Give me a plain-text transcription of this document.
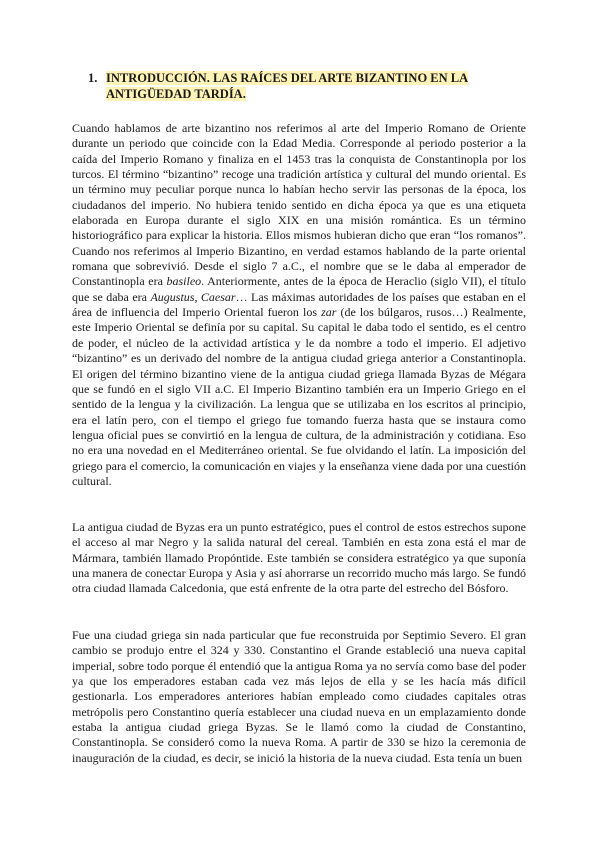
1. INTRODUCCIÓN. LAS RAÍCES DEL ARTE BIZANTINO EN LA ANTIGÜEDAD TARDÍA.

Cuando hablamos de arte bizantino nos referimos al arte del Imperio Romano de Oriente durante un periodo que coincide con la Edad Media. Corresponde al periodo posterior a la caída del Imperio Romano y finaliza en el 1453 tras la conquista de Constantinopla por los turcos. El término “bizantino” recoge una tradición artística y cultural del mundo oriental. Es un término muy peculiar porque nunca lo habían hecho servir las personas de la época, los ciudadanos del imperio. No hubiera tenido sentido en dicha época ya que es una etiqueta elaborada en Europa durante el siglo XIX en una misión romántica. Es un término historiográfico para explicar la historia. Ellos mismos hubieran dicho que eran “los romanos”. Cuando nos referimos al Imperio Bizantino, en verdad estamos hablando de la parte oriental romana que sobrevivió. Desde el siglo 7 a.C., el nombre que se le daba al emperador de Constantinopla era basileo. Anteriormente, antes de la época de Heraclio (siglo VII), el título que se daba era Augustus, Caesar… Las máximas autoridades de los países que estaban en el área de influencia del Imperio Oriental fueron los zar (de los búlgaros, rusos…) Realmente, este Imperio Oriental se definía por su capital. Su capital le daba todo el sentido, es el centro de poder, el núcleo de la actividad artística y le da nombre a todo el imperio. El adjetivo “bizantino” es un derivado del nombre de la antigua ciudad griega anterior a Constantinopla. El origen del término bizantino viene de la antigua ciudad griega llamada Byzas de Mégara que se fundó en el siglo VII a.C. El Imperio Bizantino también era un Imperio Griego en el sentido de la lengua y la civilización. La lengua que se utilizaba en los escritos al principio, era el latín pero, con el tiempo el griego fue tomando fuerza hasta que se instaura como lengua oficial pues se convirtió en la lengua de cultura, de la administración y cotidiana. Eso no era una novedad en el Mediterráneo oriental. Se fue olvidando el latín. La imposición del griego para el comercio, la comunicación en viajes y la enseñanza viene dada por una cuestión cultural.

La antigua ciudad de Byzas era un punto estratégico, pues el control de estos estrechos supone el acceso al mar Negro y la salida natural del cereal. También en esta zona está el mar de Mármara, también llamado Propóntide. Este también se considera estratégico ya que suponía una manera de conectar Europa y Asia y así ahorrarse un recorrido mucho más largo. Se fundó otra ciudad llamada Calcedonia, que está enfrente de la otra parte del estrecho del Bósforo.

Fue una ciudad griega sin nada particular que fue reconstruida por Septimio Severo. El gran cambio se produjo entre el 324 y 330. Constantino el Grande estableció una nueva capital imperial, sobre todo porque él entendió que la antigua Roma ya no servía como base del poder ya que los emperadores estaban cada vez más lejos de ella y se les hacía más difícil gestionarla. Los emperadores anteriores habían empleado como ciudades capitales otras metrópolis pero Constantino quería establecer una ciudad nueva en un emplazamiento donde estaba la antigua ciudad griega Byzas. Se le llamó como la ciudad de Constantino, Constantinopla. Se consideró como la nueva Roma. A partir de 330 se hizo la ceremonia de inauguración de la ciudad, es decir, se inició la historia de la nueva ciudad. Esta tenía un buen
